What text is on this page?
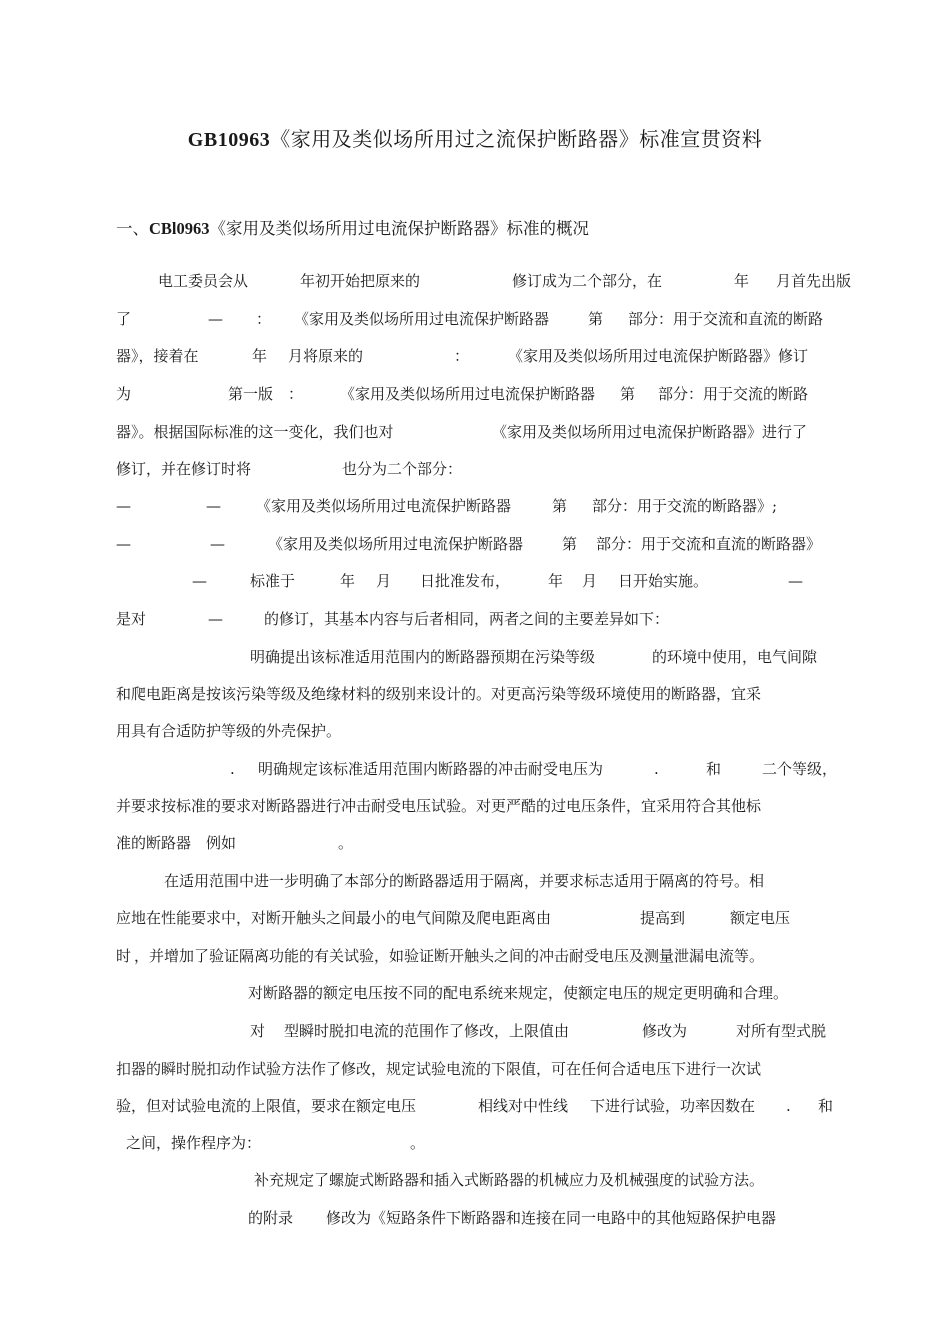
GB10963《家用及类似场所用过之流保护断路器》标准宣贯资料
一、CBl0963《家用及类似场所用过电流保护断路器》标准的概况
电工委员会从	年初开始把原来的	修订成为二个部分，在	年 月首先出版
了	— ： 《家用及类似场所用过电流保护断路器	第 部分：用于交流和直流的断路
器》，接着在	年 月将原来的	：	《家用及类似场所用过电流保护断路器》修订
为	第一版 ： 《家用及类似场所用过电流保护断路器 第 部分：用于交流的断路
器》。根据国际标准的这一变化，我们也对	《家用及类似场所用过电流保护断路器》进行了
修订，并在修订时将	也分为二个部分：
—	— 《家用及类似场所用过电流保护断路器	第 部分：用于交流的断路器》;
—	—	《家用及类似场所用过电流保护断路器	第 部分：用于交流和直流的断路器》
—	标准于	年 月 日批准发布，	年 月 日开始实施。	—
是对	—	的修订，其基本内容与后者相同，两者之间的主要差异如下：
明确提出该标准适用范围内的断路器预期在污染等级	的环境中使用，电气间隙
和爬电距离是按该污染等级及绝缘材料的级别来设计的。对更高污染等级环境使用的断路器，宜采
用具有合适防护等级的外壳保护。
. 明确规定该标准适用范围内断路器的冲击耐受电压为	.	和	二个等级，
并要求按标准的要求对断路器进行冲击耐受电压试验。对更严酷的过电压条件，宜采用符合其他标
准的断路器 例如	。
在适用范围中进一步明确了本部分的断路器适用于隔离，并要求标志适用于隔离的符号。相
应地在性能要求中，对断开触头之间最小的电气间隙及爬电距离由	提高到	额定电压
时 ，并增加了验证隔离功能的有关试验，如验证断开触头之间的冲击耐受电压及测量泄漏电流等。
对断路器的额定电压按不同的配电系统来规定，使额定电压的规定更明确和合理。
对 型瞬时脱扣电流的范围作了修改，上限值由	修改为	对所有型式脱
扣器的瞬时脱扣动作试验方法作了修改，规定试验电流的下限值，可在任何合适电压下进行一次试
验，但对试验电流的上限值，要求在额定电压	相线对中性线 下进行试验，功率因数在 . 和
之间，操作程序为：	。
补充规定了螺旋式断路器和插入式断路器的机械应力及机械强度的试验方法。
的附录 修改为《短路条件下断路器和连接在同一电路中的其他短路保护电器
